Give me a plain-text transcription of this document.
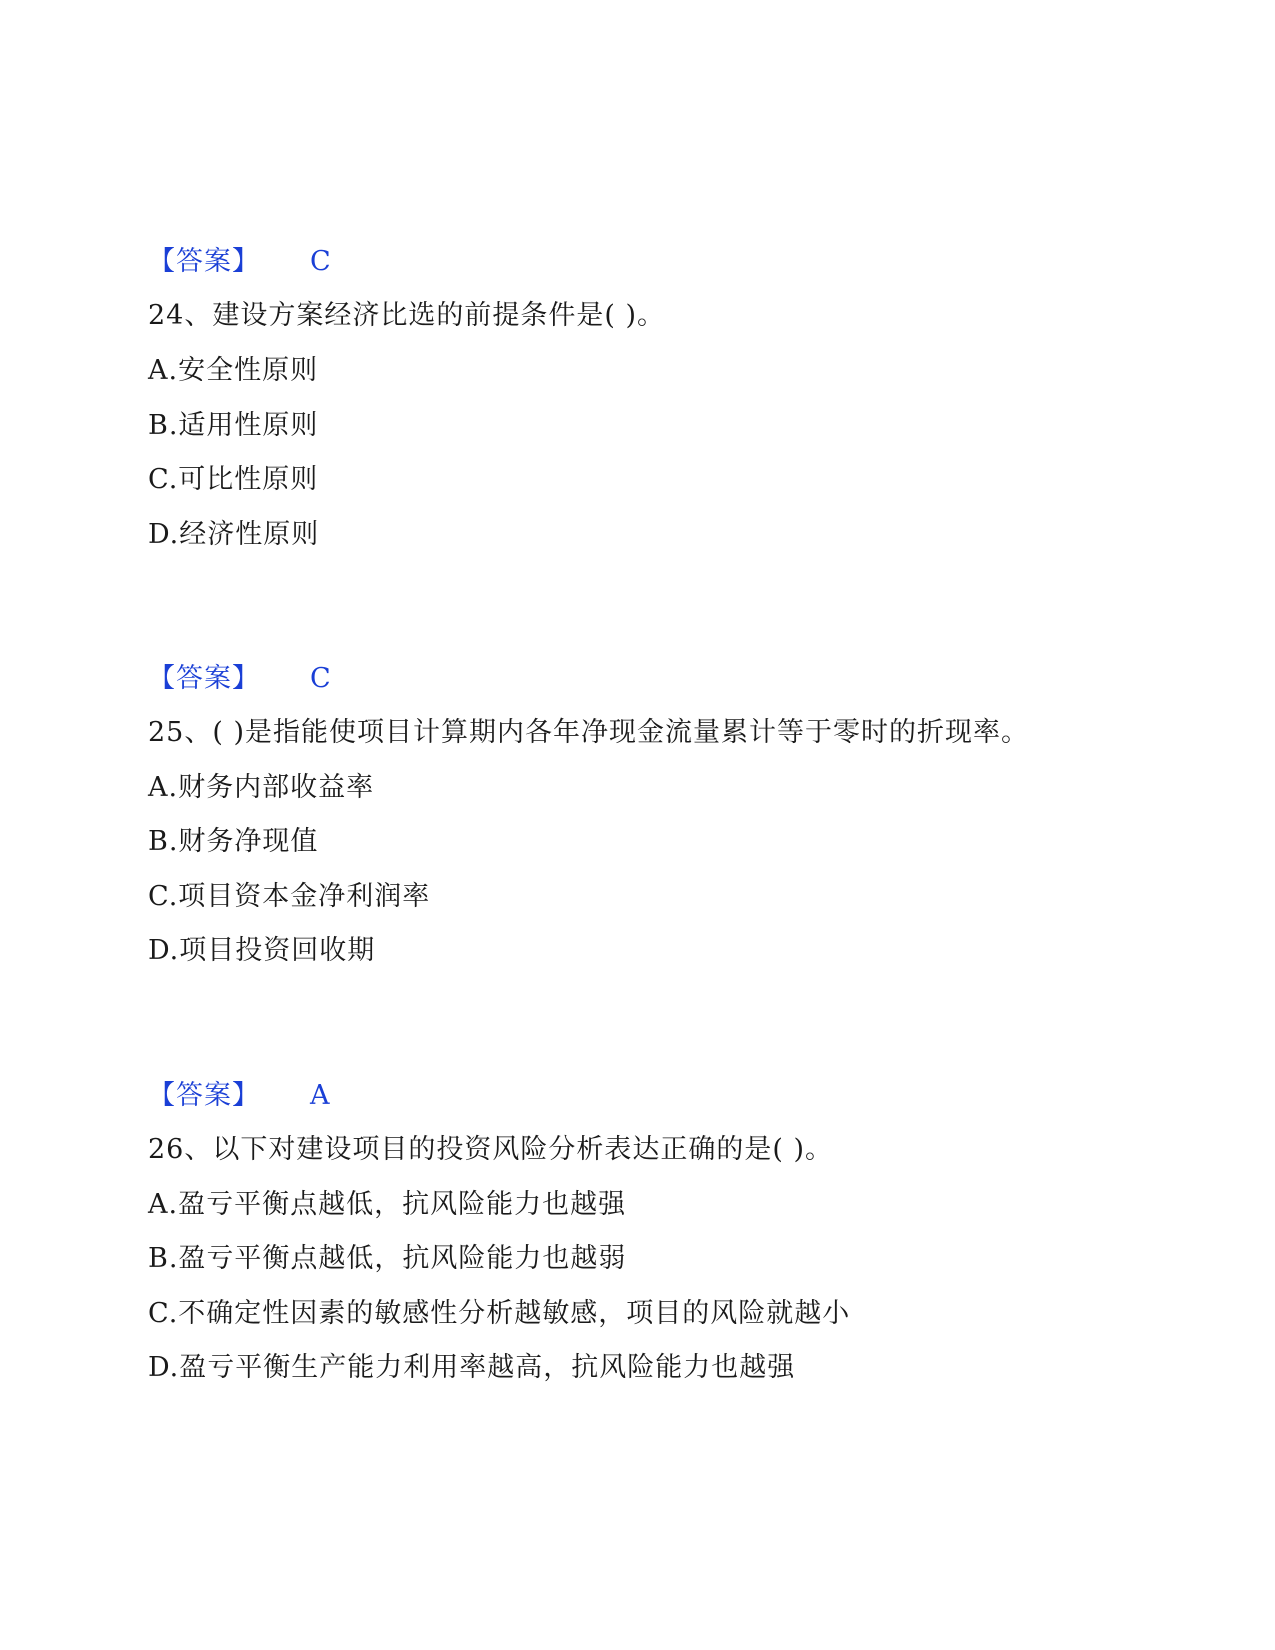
【答案】 C
24、建设方案经济比选的前提条件是( )。
A.安全性原则
B.适用性原则
C.可比性原则
D.经济性原则
【答案】 C
25、( )是指能使项目计算期内各年净现金流量累计等于零时的折现率。
A.财务内部收益率
B.财务净现值
C.项目资本金净利润率
D.项目投资回收期
【答案】 A
26、以下对建设项目的投资风险分析表达正确的是( )。
A.盈亏平衡点越低，抗风险能力也越强
B.盈亏平衡点越低，抗风险能力也越弱
C.不确定性因素的敏感性分析越敏感，项目的风险就越小
D.盈亏平衡生产能力利用率越高，抗风险能力也越强
